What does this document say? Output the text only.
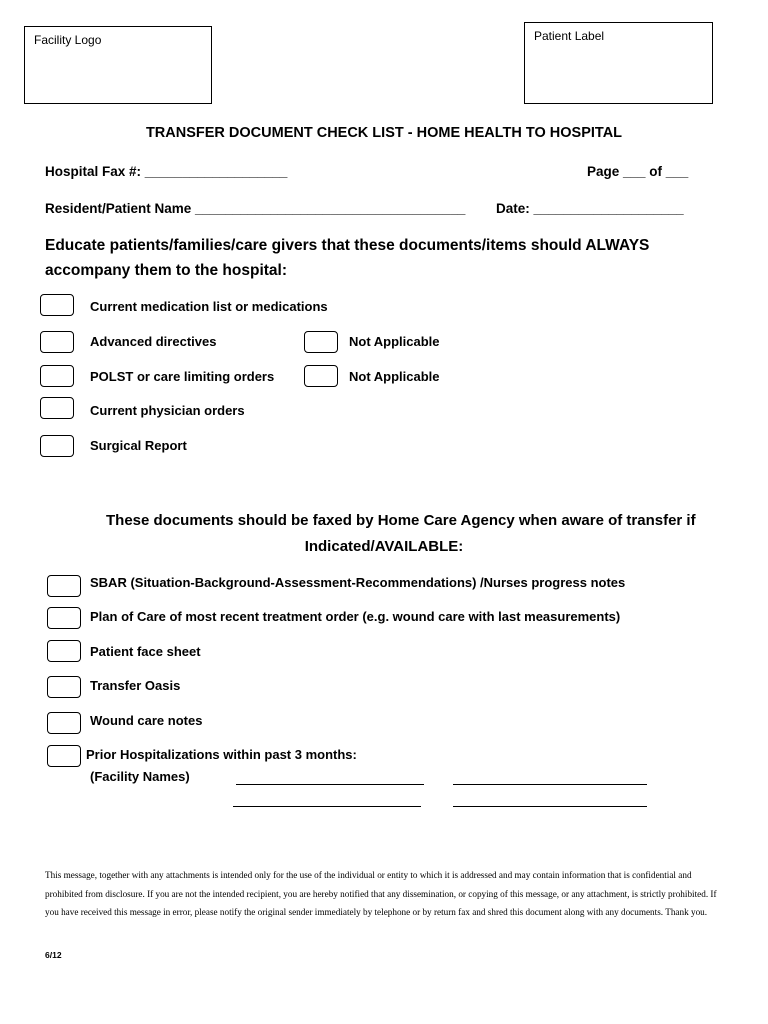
Facility Logo	Patient Label
TRANSFER DOCUMENT CHECK LIST - HOME HEALTH TO HOSPITAL
Hospital Fax #: ___________________	Page ___ of ___
Resident/Patient Name ____________________________________ Date: ____________________
Educate patients/families/care givers that these documents/items should ALWAYS
accompany them to the hospital:
Current medication list or medications
Advanced directives	Not Applicable
POLST or care limiting orders	Not Applicable
Current physician orders
Surgical Report
These documents should be faxed by Home Care Agency when aware of transfer if
Indicated/AVAILABLE:
SBAR (Situation-Background-Assessment-Recommendations) /Nurses progress notes
Plan of Care of most recent treatment order (e.g. wound care with last measurements)
Patient face sheet
Transfer Oasis
Wound care notes
Prior Hospitalizations within past 3 months:
(Facility Names)
This message, together with any attachments is intended only for the use of the individual or entity to which it is addressed and may contain information that is confidential and prohibited from disclosure. If you are not the intended recipient, you are hereby notified that any dissemination, or copying of this message, or any attachment, is strictly prohibited. If you have received this message in error, please notify the original sender immediately by telephone or by return fax and shred this document along with any documents. Thank you.
6/12
